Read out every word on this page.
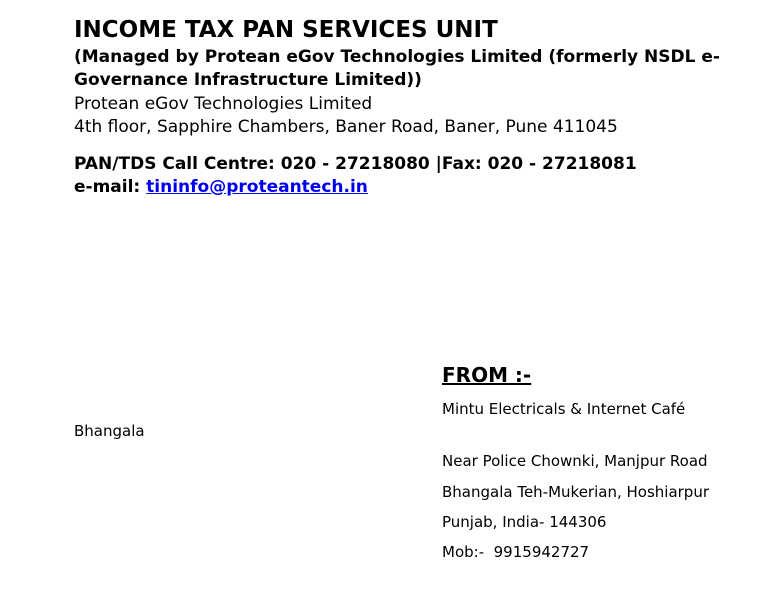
INCOME TAX PAN SERVICES UNIT
(Managed by Protean eGov Technologies Limited (formerly NSDL e-Governance Infrastructure Limited))
Protean eGov Technologies Limited
4th floor, Sapphire Chambers, Baner Road, Baner, Pune 411045
PAN/TDS Call Centre: 020 - 27218080 |Fax: 020 - 27218081
e-mail: tininfo@proteantech.in
FROM :-
Mintu Electricals & Internet Café
Bhangala
Near Police Chownki, Manjpur Road
Bhangala Teh-Mukerian, Hoshiarpur
Punjab, India- 144306
Mob:-  9915942727
